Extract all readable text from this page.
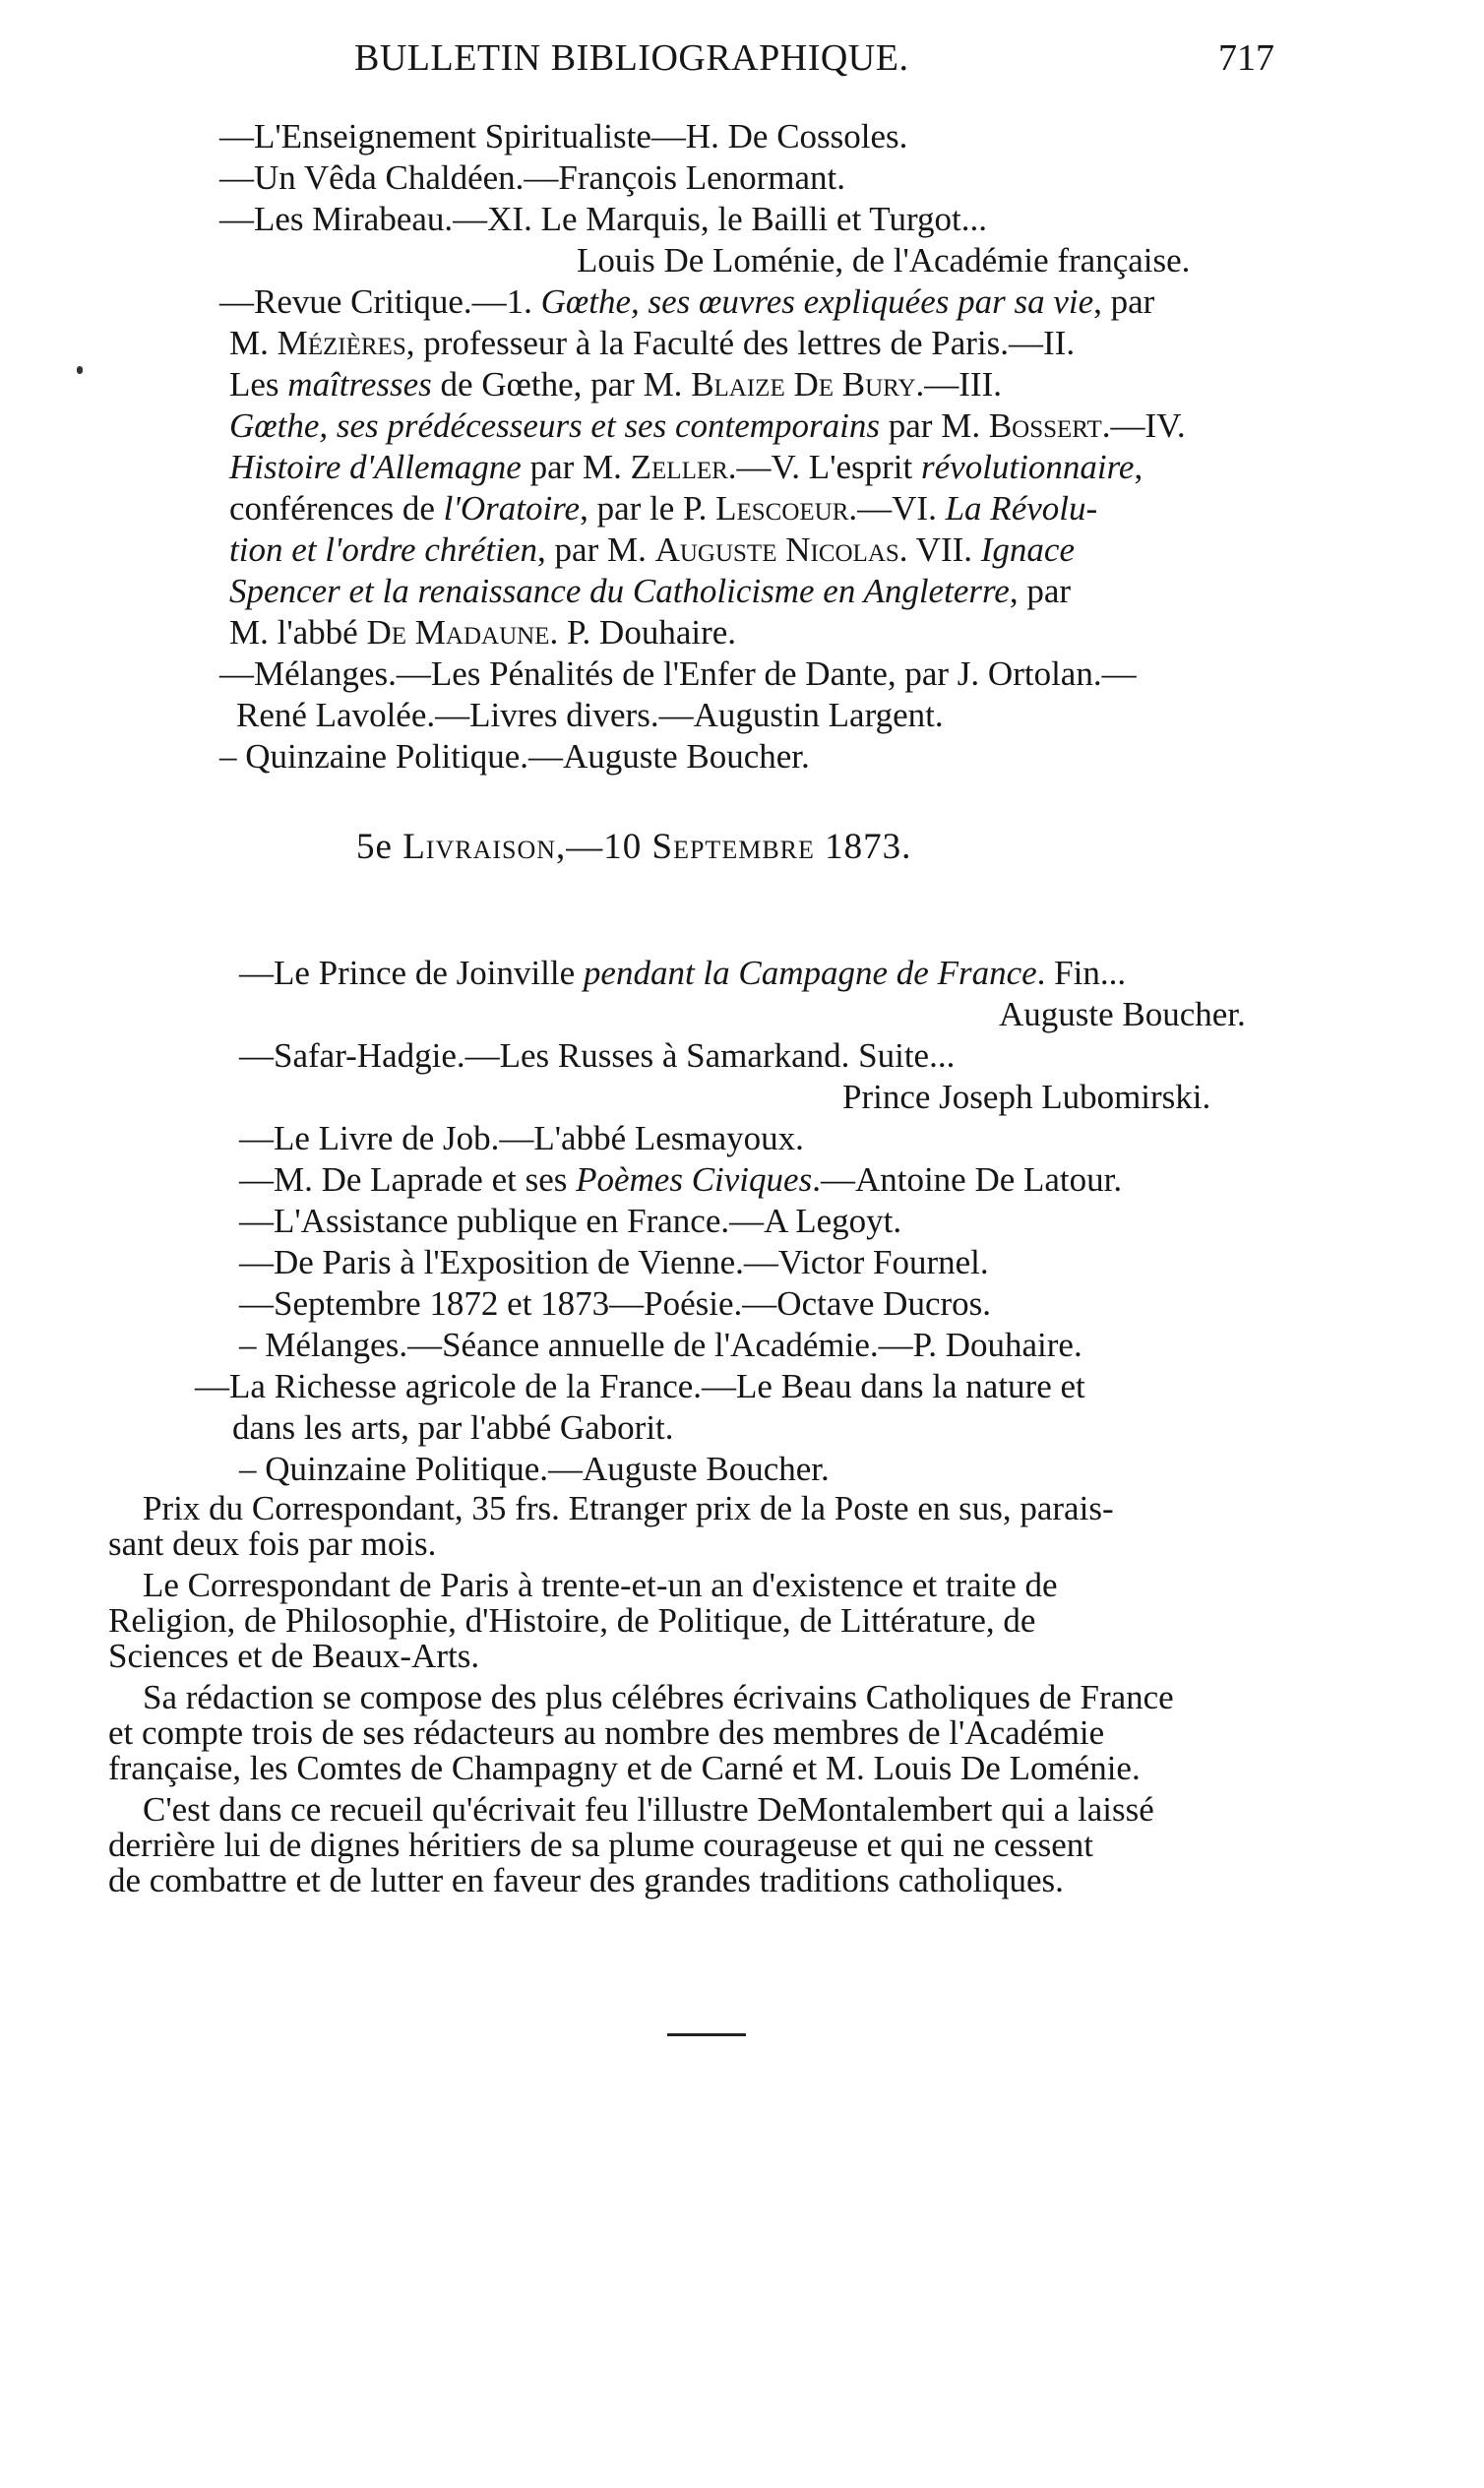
BULLETIN BIBLIOGRAPHIQUE.	717
—L'Enseignement Spiritualiste—H. De Cossoles.
—Un Vêda Chaldéen.—François Lenormant.
—Les Mirabeau.—XI. Le Marquis, le Bailli et Turgot...
Louis De Loménie, de l'Académie française.
—Revue Critique.—1. Gœthe, ses œuvres expliquées par sa vie, par
M. Mézières, professeur à la Faculté des lettres de Paris.—II.
Les maîtresses de Gœthe, par M. Blaize De Bury.—III.
Gœthe, ses prédécesseurs et ses contemporains par M. Bossert.—IV.
Histoire d'Allemagne par M. Zeller.—V. L'esprit révolutionnaire,
conférences de l'Oratoire, par le P. Lescoeur.—VI. La Révolu-
tion et l'ordre chrétien, par M. Auguste Nicolas. VII. Ignace
Spencer et la renaissance du Catholicisme en Angleterre, par
M. l'abbé De Madaune. P. Douhaire.
—Mélanges.—Les Pénalités de l'Enfer de Dante, par J. Ortolan.—
René Lavolée.—Livres divers.—Augustin Largent.
– Quinzaine Politique.—Auguste Boucher.
5e Livraison,—10 Septembre 1873.
—Le Prince de Joinville pendant la Campagne de France. Fin...
Auguste Boucher.
—Safar-Hadgie.—Les Russes à Samarkand. Suite...
Prince Joseph Lubomirski.
—Le Livre de Job.—L'abbé Lesmayoux.
—M. De Laprade et ses Poèmes Civiques.—Antoine De Latour.
—L'Assistance publique en France.—A Legoyt.
—De Paris à l'Exposition de Vienne.—Victor Fournel.
—Septembre 1872 et 1873—Poésie.—Octave Ducros.
– Mélanges.—Séance annuelle de l'Académie.—P. Douhaire.
—La Richesse agricole de la France.—Le Beau dans la nature et
dans les arts, par l'abbé Gaborit.
– Quinzaine Politique.—Auguste Boucher.
Prix du Correspondant, 35 frs. Etranger prix de la Poste en sus, parais-
sant deux fois par mois.
Le Correspondant de Paris à trente-et-un an d'existence et traite de
Religion, de Philosophie, d'Histoire, de Politique, de Littérature, de
Sciences et de Beaux-Arts.
Sa rédaction se compose des plus célébres écrivains Catholiques de France
et compte trois de ses rédacteurs au nombre des membres de l'Académie
française, les Comtes de Champagny et de Carné et M. Louis De Loménie.
C'est dans ce recueil qu'écrivait feu l'illustre DeMontalembert qui a laissé
derrière lui de dignes héritiers de sa plume courageuse et qui ne cessent
de combattre et de lutter en faveur des grandes traditions catholiques.
